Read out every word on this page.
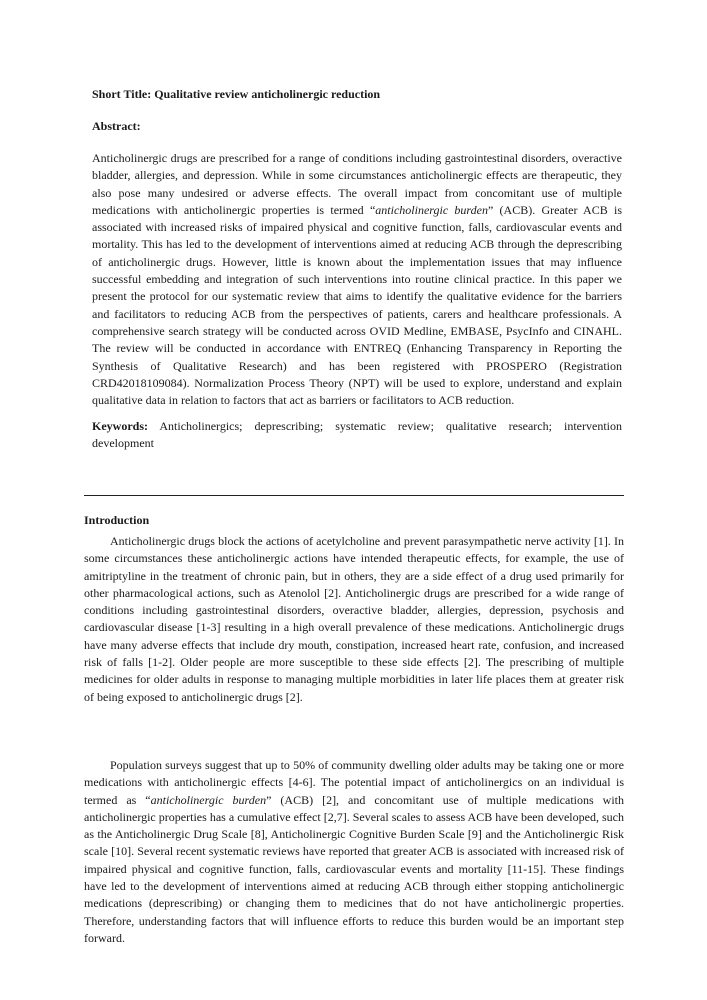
Short Title: Qualitative review anticholinergic reduction
Abstract:
Anticholinergic drugs are prescribed for a range of conditions including gastrointestinal disorders, overactive bladder, allergies, and depression. While in some circumstances anticholinergic effects are therapeutic, they also pose many undesired or adverse effects. The overall impact from concomitant use of multiple medications with anticholinergic properties is termed “anticholinergic burden” (ACB). Greater ACB is associated with increased risks of impaired physical and cognitive function, falls, cardiovascular events and mortality. This has led to the development of interventions aimed at reducing ACB through the deprescribing of anticholinergic drugs. However, little is known about the implementation issues that may influence successful embedding and integration of such interventions into routine clinical practice. In this paper we present the protocol for our systematic review that aims to identify the qualitative evidence for the barriers and facilitators to reducing ACB from the perspectives of patients, carers and healthcare professionals. A comprehensive search strategy will be conducted across OVID Medline, EMBASE, PsycInfo and CINAHL. The review will be conducted in accordance with ENTREQ (Enhancing Transparency in Reporting the Synthesis of Qualitative Research) and has been registered with PROSPERO (Registration CRD42018109084). Normalization Process Theory (NPT) will be used to explore, understand and explain qualitative data in relation to factors that act as barriers or facilitators to ACB reduction.
Keywords: Anticholinergics; deprescribing; systematic review; qualitative research; intervention development
Introduction
Anticholinergic drugs block the actions of acetylcholine and prevent parasympathetic nerve activity [1]. In some circumstances these anticholinergic actions have intended therapeutic effects, for example, the use of amitriptyline in the treatment of chronic pain, but in others, they are a side effect of a drug used primarily for other pharmacological actions, such as Atenolol [2]. Anticholinergic drugs are prescribed for a wide range of conditions including gastrointestinal disorders, overactive bladder, allergies, depression, psychosis and cardiovascular disease [1-3] resulting in a high overall prevalence of these medications. Anticholinergic drugs have many adverse effects that include dry mouth, constipation, increased heart rate, confusion, and increased risk of falls [1-2]. Older people are more susceptible to these side effects [2]. The prescribing of multiple medicines for older adults in response to managing multiple morbidities in later life places them at greater risk of being exposed to anticholinergic drugs [2].
Population surveys suggest that up to 50% of community dwelling older adults may be taking one or more medications with anticholinergic effects [4-6]. The potential impact of anticholinergics on an individual is termed as “anticholinergic burden” (ACB) [2], and concomitant use of multiple medications with anticholinergic properties has a cumulative effect [2,7]. Several scales to assess ACB have been developed, such as the Anticholinergic Drug Scale [8], Anticholinergic Cognitive Burden Scale [9] and the Anticholinergic Risk scale [10]. Several recent systematic reviews have reported that greater ACB is associated with increased risk of impaired physical and cognitive function, falls, cardiovascular events and mortality [11-15]. These findings have led to the development of interventions aimed at reducing ACB through either stopping anticholinergic medications (deprescribing) or changing them to medicines that do not have anticholinergic properties. Therefore, understanding factors that will influence efforts to reduce this burden would be an important step forward.
